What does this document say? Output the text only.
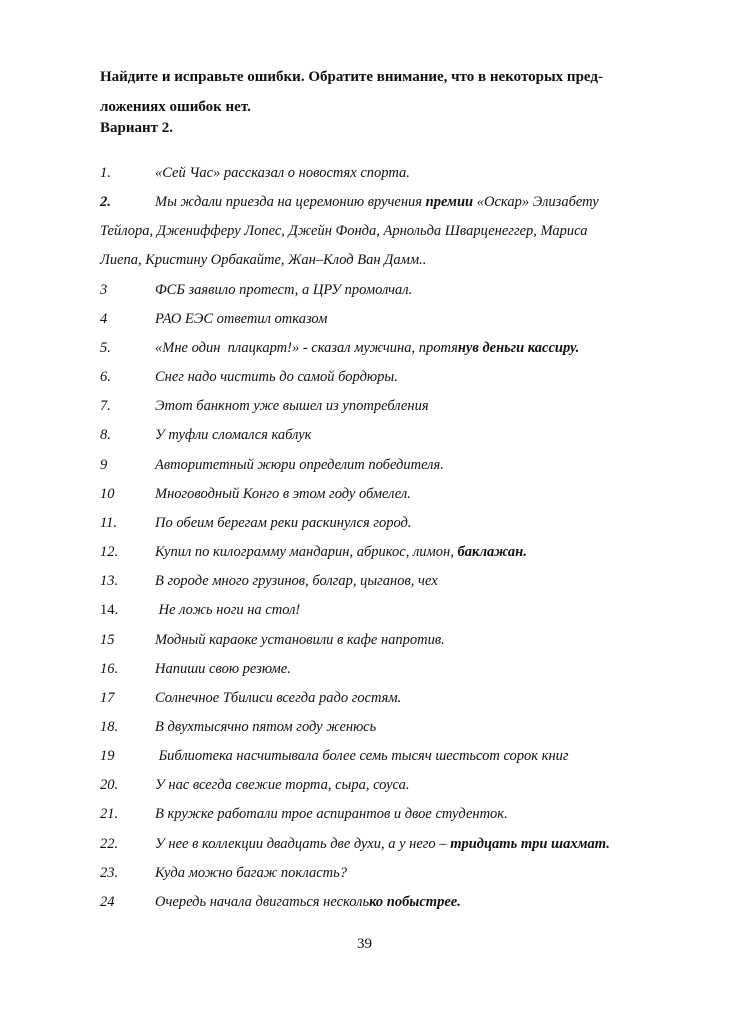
Найдите и исправьте ошибки. Обратите внимание, что в некоторых пред-
ложениях ошибок нет.
Вариант 2.
1.	«Сей Час» рассказал о новостях спорта.
2.	Мы ждали приезда на церемонию вручения премии «Оскар» Элизабету
Тейлора, Дженифферу Лопес, Джейн Фонда, Арнольда Шварценеггер, Мариса
Лиепа, Кристину Орбакайте, Жан–Клод Ван Дамм..
3	ФСБ заявило протест, а ЦРУ промолчал.
4	РАО ЕЭС ответил отказом
5.	«Мне один  плацкарт!» - сказал мужчина, протянув деньги кассиру.
6.	Снег надо чистить до самой бордюры.
7.	Этот банкнот уже вышел из употребления
8.	У туфли сломался каблук
9	Авторитетный жюри определит победителя.
10	Многоводный Конго в этом году обмелел.
11.	По обеим берегам реки раскинулся город.
12.	Купил по килограмму мандарин, абрикос, лимон, баклажан.
13.	В городе много грузинов, болгар, цыганов, чех
14.	Не ложь ноги на стол!
15	Модный караоке установили в кафе напротив.
16.	Напиши свою резюме.
17	Солнечное Тбилиси всегда радо гостям.
18.	В двухтысячно пятом году женюсь
19	Библиотека насчитывала более семь тысяч шестьсот сорок книг
20.	У нас всегда свежие торта, сыра, соуса.
21.	В кружке работали трое аспирантов и двое студенток.
22.	У нее в коллекции двадцать две духи, а у него – тридцать три шахмат.
23.	Куда можно багаж покласть?
24	Очередь начала двигаться несколько побыстрее.
39
